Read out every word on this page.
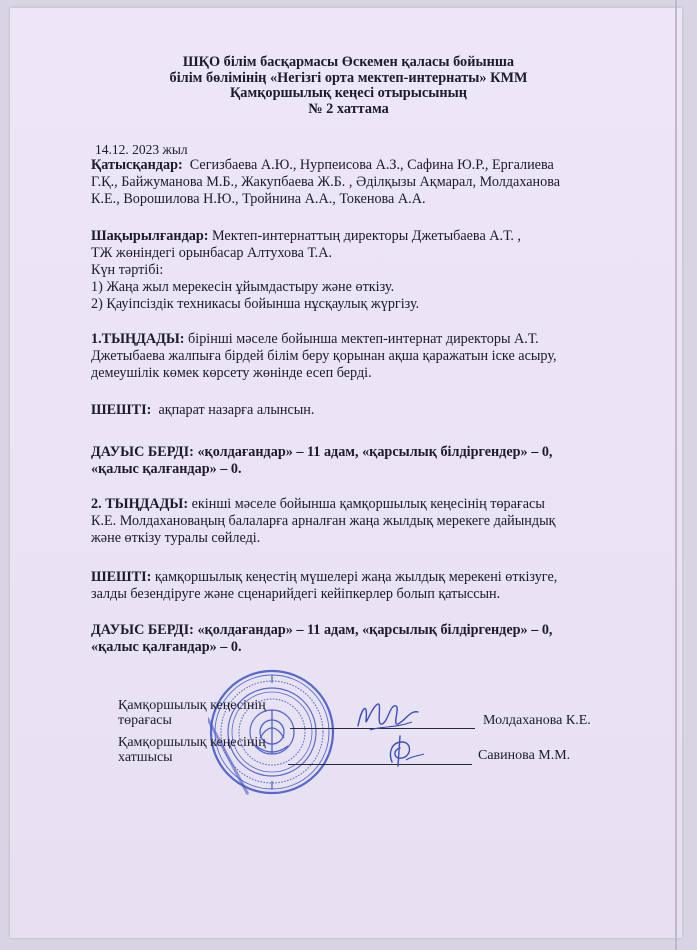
ШҚО білім басқармасы Өскемен қаласы бойынша
білім бөлімінің «Негізгі орта мектеп-интернаты» КММ
Қамқоршылық кеңесі отырысының
№ 2 хаттама
14.12. 2023 жыл
Қатысқандар: Сегизбаева А.Ю., Нурпеисова А.З., Сафина Ю.Р., Ергалиева
Г.Қ., Байжуманова М.Б., Жакупбаева Ж.Б. , Әділқызы Ақмарал, Молдаханова
К.Е., Ворошилова Н.Ю., Тройнина А.А., Токенова А.А.
Шақырылғандар: Мектеп-интернаттың директоры Джетыбаева А.Т. ,
ТЖ жөніндегі орынбасар Алтухова Т.А.
Күн тәртібі:
1) Жаңа жыл мерекесін ұйымдастыру және өткізу.
2) Қауіпсіздік техникасы бойынша нұсқаулық жүргізу.
1.ТЫҢДАДЫ: бірінші мәселе бойынша мектеп-интернат директоры А.Т.
Джетыбаева жалпыға бірдей білім беру қорынан ақша қаражатын іске асыру,
демеушілік көмек көрсету жөнінде есеп берді.
ШЕШТІ: ақпарат назарға алынсын.
ДАУЫС БЕРДІ: «қолдағандар» – 11 адам, «қарсылық білдіргендер» – 0,
«қалыс қалғандар» – 0.
2. ТЫҢДАДЫ: екінші мәселе бойынша қамқоршылық кеңесінің төрағасы
К.Е. Молдахановаңың балаларға арналған жаңа жылдық мерекеге дайындық
және өткізу туралы сөйледі.
ШЕШТІ: қамқоршылық кеңестің мүшелері жаңа жылдық мерекені өткізуге,
залды безендіруге және сценарийдегі кейіпкерлер болып қатыссын.
ДАУЫС БЕРДІ: «қолдағандар» – 11 адам, «қарсылық білдіргендер» – 0,
«қалыс қалғандар» – 0.
Қамқоршылық кеңесінің
төрағасы	Молдаханова К.Е.
Қамқоршылық кеңесінің
хатшысы	Савинова М.М.
